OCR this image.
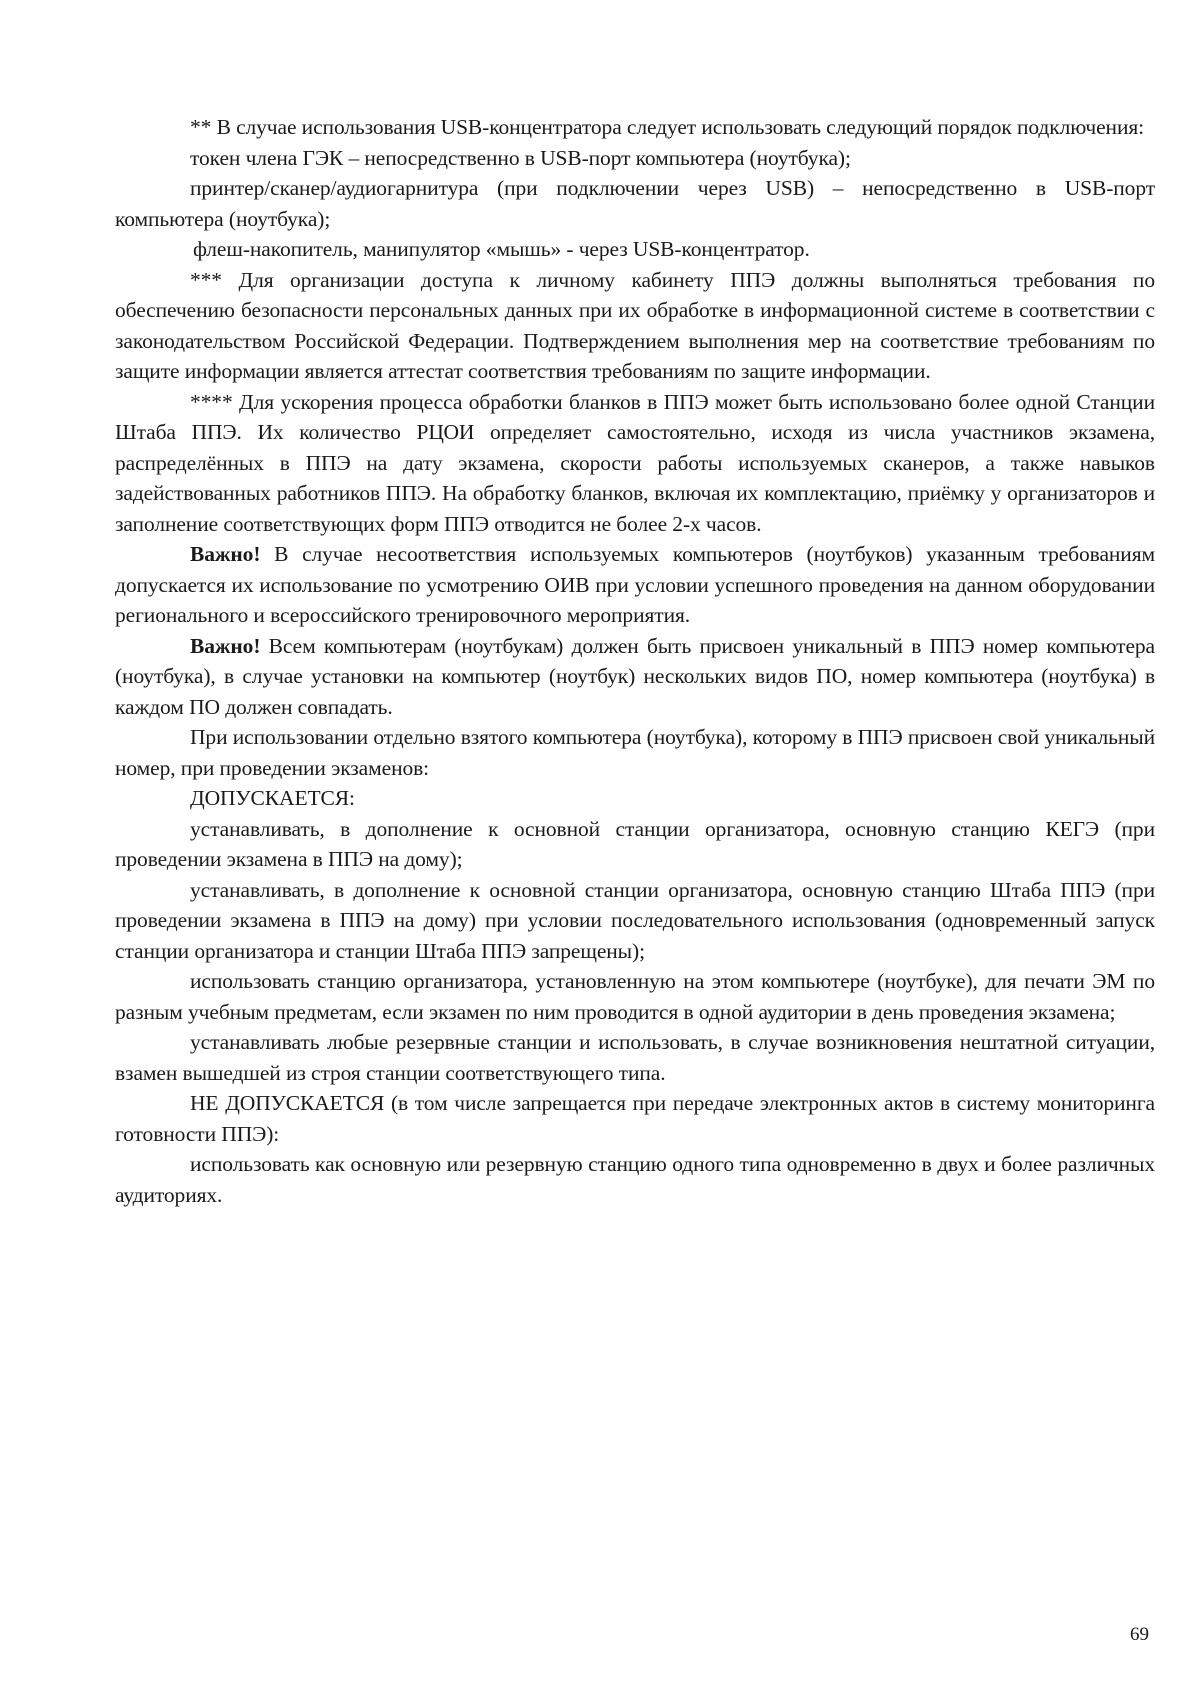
** В случае использования USB-концентратора следует использовать следующий порядок подключения:

токен члена ГЭК – непосредственно в USB-порт компьютера (ноутбука);

принтер/сканер/аудиогарнитура (при подключении через USB) – непосредственно в USB-порт компьютера (ноутбука);

флеш-накопитель, манипулятор «мышь» - через USB-концентратор.

*** Для организации доступа к личному кабинету ППЭ должны выполняться требования по обеспечению безопасности персональных данных при их обработке в информационной системе в соответствии с законодательством Российской Федерации. Подтверждением выполнения мер на соответствие требованиям по защите информации является аттестат соответствия требованиям по защите информации.

**** Для ускорения процесса обработки бланков в ППЭ может быть использовано более одной Станции Штаба ППЭ. Их количество РЦОИ определяет самостоятельно, исходя из числа участников экзамена, распределённых в ППЭ на дату экзамена, скорости работы используемых сканеров, а также навыков задействованных работников ППЭ. На обработку бланков, включая их комплектацию, приёмку у организаторов и заполнение соответствующих форм ППЭ отводится не более 2-х часов.

Важно! В случае несоответствия используемых компьютеров (ноутбуков) указанным требованиям допускается их использование по усмотрению ОИВ при условии успешного проведения на данном оборудовании регионального и всероссийского тренировочного мероприятия.

Важно! Всем компьютерам (ноутбукам) должен быть присвоен уникальный в ППЭ номер компьютера (ноутбука), в случае установки на компьютер (ноутбук) нескольких видов ПО, номер компьютера (ноутбука) в каждом ПО должен совпадать.

При использовании отдельно взятого компьютера (ноутбука), которому в ППЭ присвоен свой уникальный номер, при проведении экзаменов:

ДОПУСКАЕТСЯ:

устанавливать, в дополнение к основной станции организатора, основную станцию КЕГЭ (при проведении экзамена в ППЭ на дому);

устанавливать, в дополнение к основной станции организатора, основную станцию Штаба ППЭ (при проведении экзамена в ППЭ на дому) при условии последовательного использования (одновременный запуск станции организатора и станции Штаба ППЭ запрещены);

использовать станцию организатора, установленную на этом компьютере (ноутбуке), для печати ЭМ по разным учебным предметам, если экзамен по ним проводится в одной аудитории в день проведения экзамена;

устанавливать любые резервные станции и использовать, в случае возникновения нештатной ситуации, взамен вышедшей из строя станции соответствующего типа.

НЕ ДОПУСКАЕТСЯ (в том числе запрещается при передаче электронных актов в систему мониторинга готовности ППЭ):

использовать как основную или резервную станцию одного типа одновременно в двух и более различных аудиториях.

69
